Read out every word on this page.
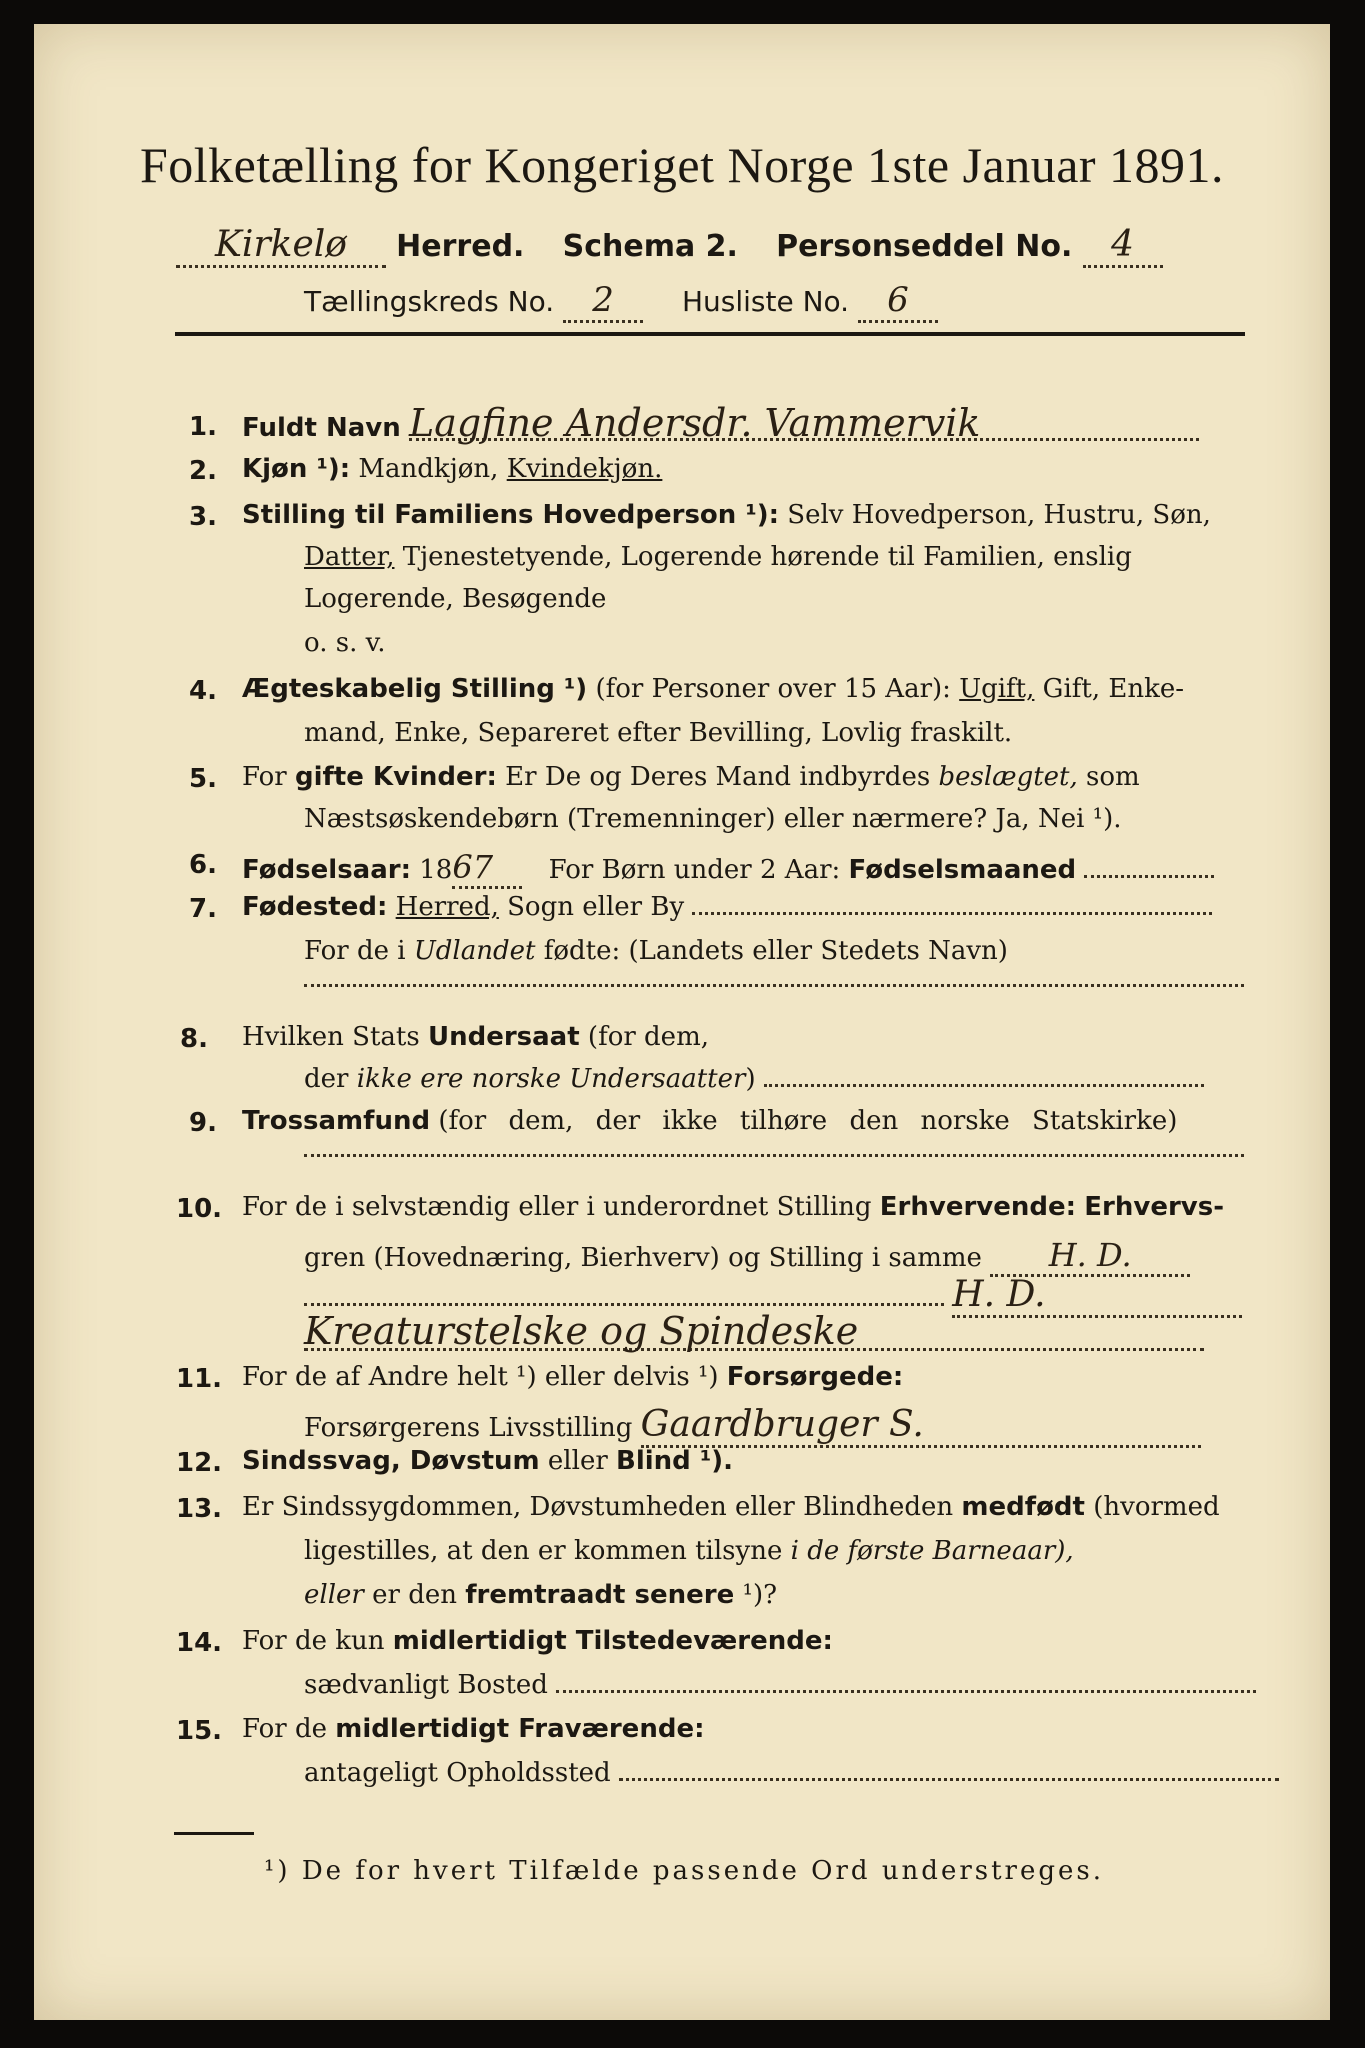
Folketælling for Kongeriget Norge 1ste Januar 1891.
Kirkelø Herred. Schema 2. Personseddel No. 4
Tællingskreds No. 2 Husliste No. 6
1. Fuldt Navn Lagfine Andersdr. Vammervik
2. Kjøn ¹): Mandkjøn, Kvindekjøn.
3. Stilling til Familiens Hovedperson ¹): Selv Hovedperson, Hustru, Søn,
Datter, Tjenestetyende, Logerende hørende til Familien, enslig
Logerende, Besøgende
o. s. v.
4. Ægteskabelig Stilling ¹) (for Personer over 15 Aar): Ugift, Gift, Enke-
mand, Enke, Separeret efter Bevilling, Lovlig fraskilt.
5. For gifte Kvinder: Er De og Deres Mand indbyrdes beslægtet, som
Næstsøskendebørn (Tremenninger) eller nærmere? Ja, Nei ¹).
6. Fødselsaar: 1867 For Børn under 2 Aar: Fødselsmaaned
7. Fødested: Herred, Sogn eller By
For de i Udlandet fødte: (Landets eller Stedets Navn)
8. Hvilken Stats Undersaat (for dem,
der ikke ere norske Undersaatter)
9. Trossamfund (for dem, der ikke tilhøre den norske Statskirke)
10. For de i selvstændig eller i underordnet Stilling Erhvervende: Erhvervs-
gren (Hovednæring, Bierhverv) og Stilling i samme H. D.
H. D.
Kreaturstelske og Spindeske
11. For de af Andre helt ¹) eller delvis ¹) Forsørgede:
Forsørgerens Livsstilling Gaardbruger S.
12. Sindssvag, Døvstum eller Blind ¹).
13. Er Sindssygdommen, Døvstumheden eller Blindheden medfødt (hvormed
ligestilles, at den er kommen tilsyne i de første Barneaar),
eller er den fremtraadt senere ¹)?
14. For de kun midlertidigt Tilstedeværende:
sædvanligt Bosted
15. For de midlertidigt Fraværende:
antageligt Opholdssted
¹) De for hvert Tilfælde passende Ord understreges.
